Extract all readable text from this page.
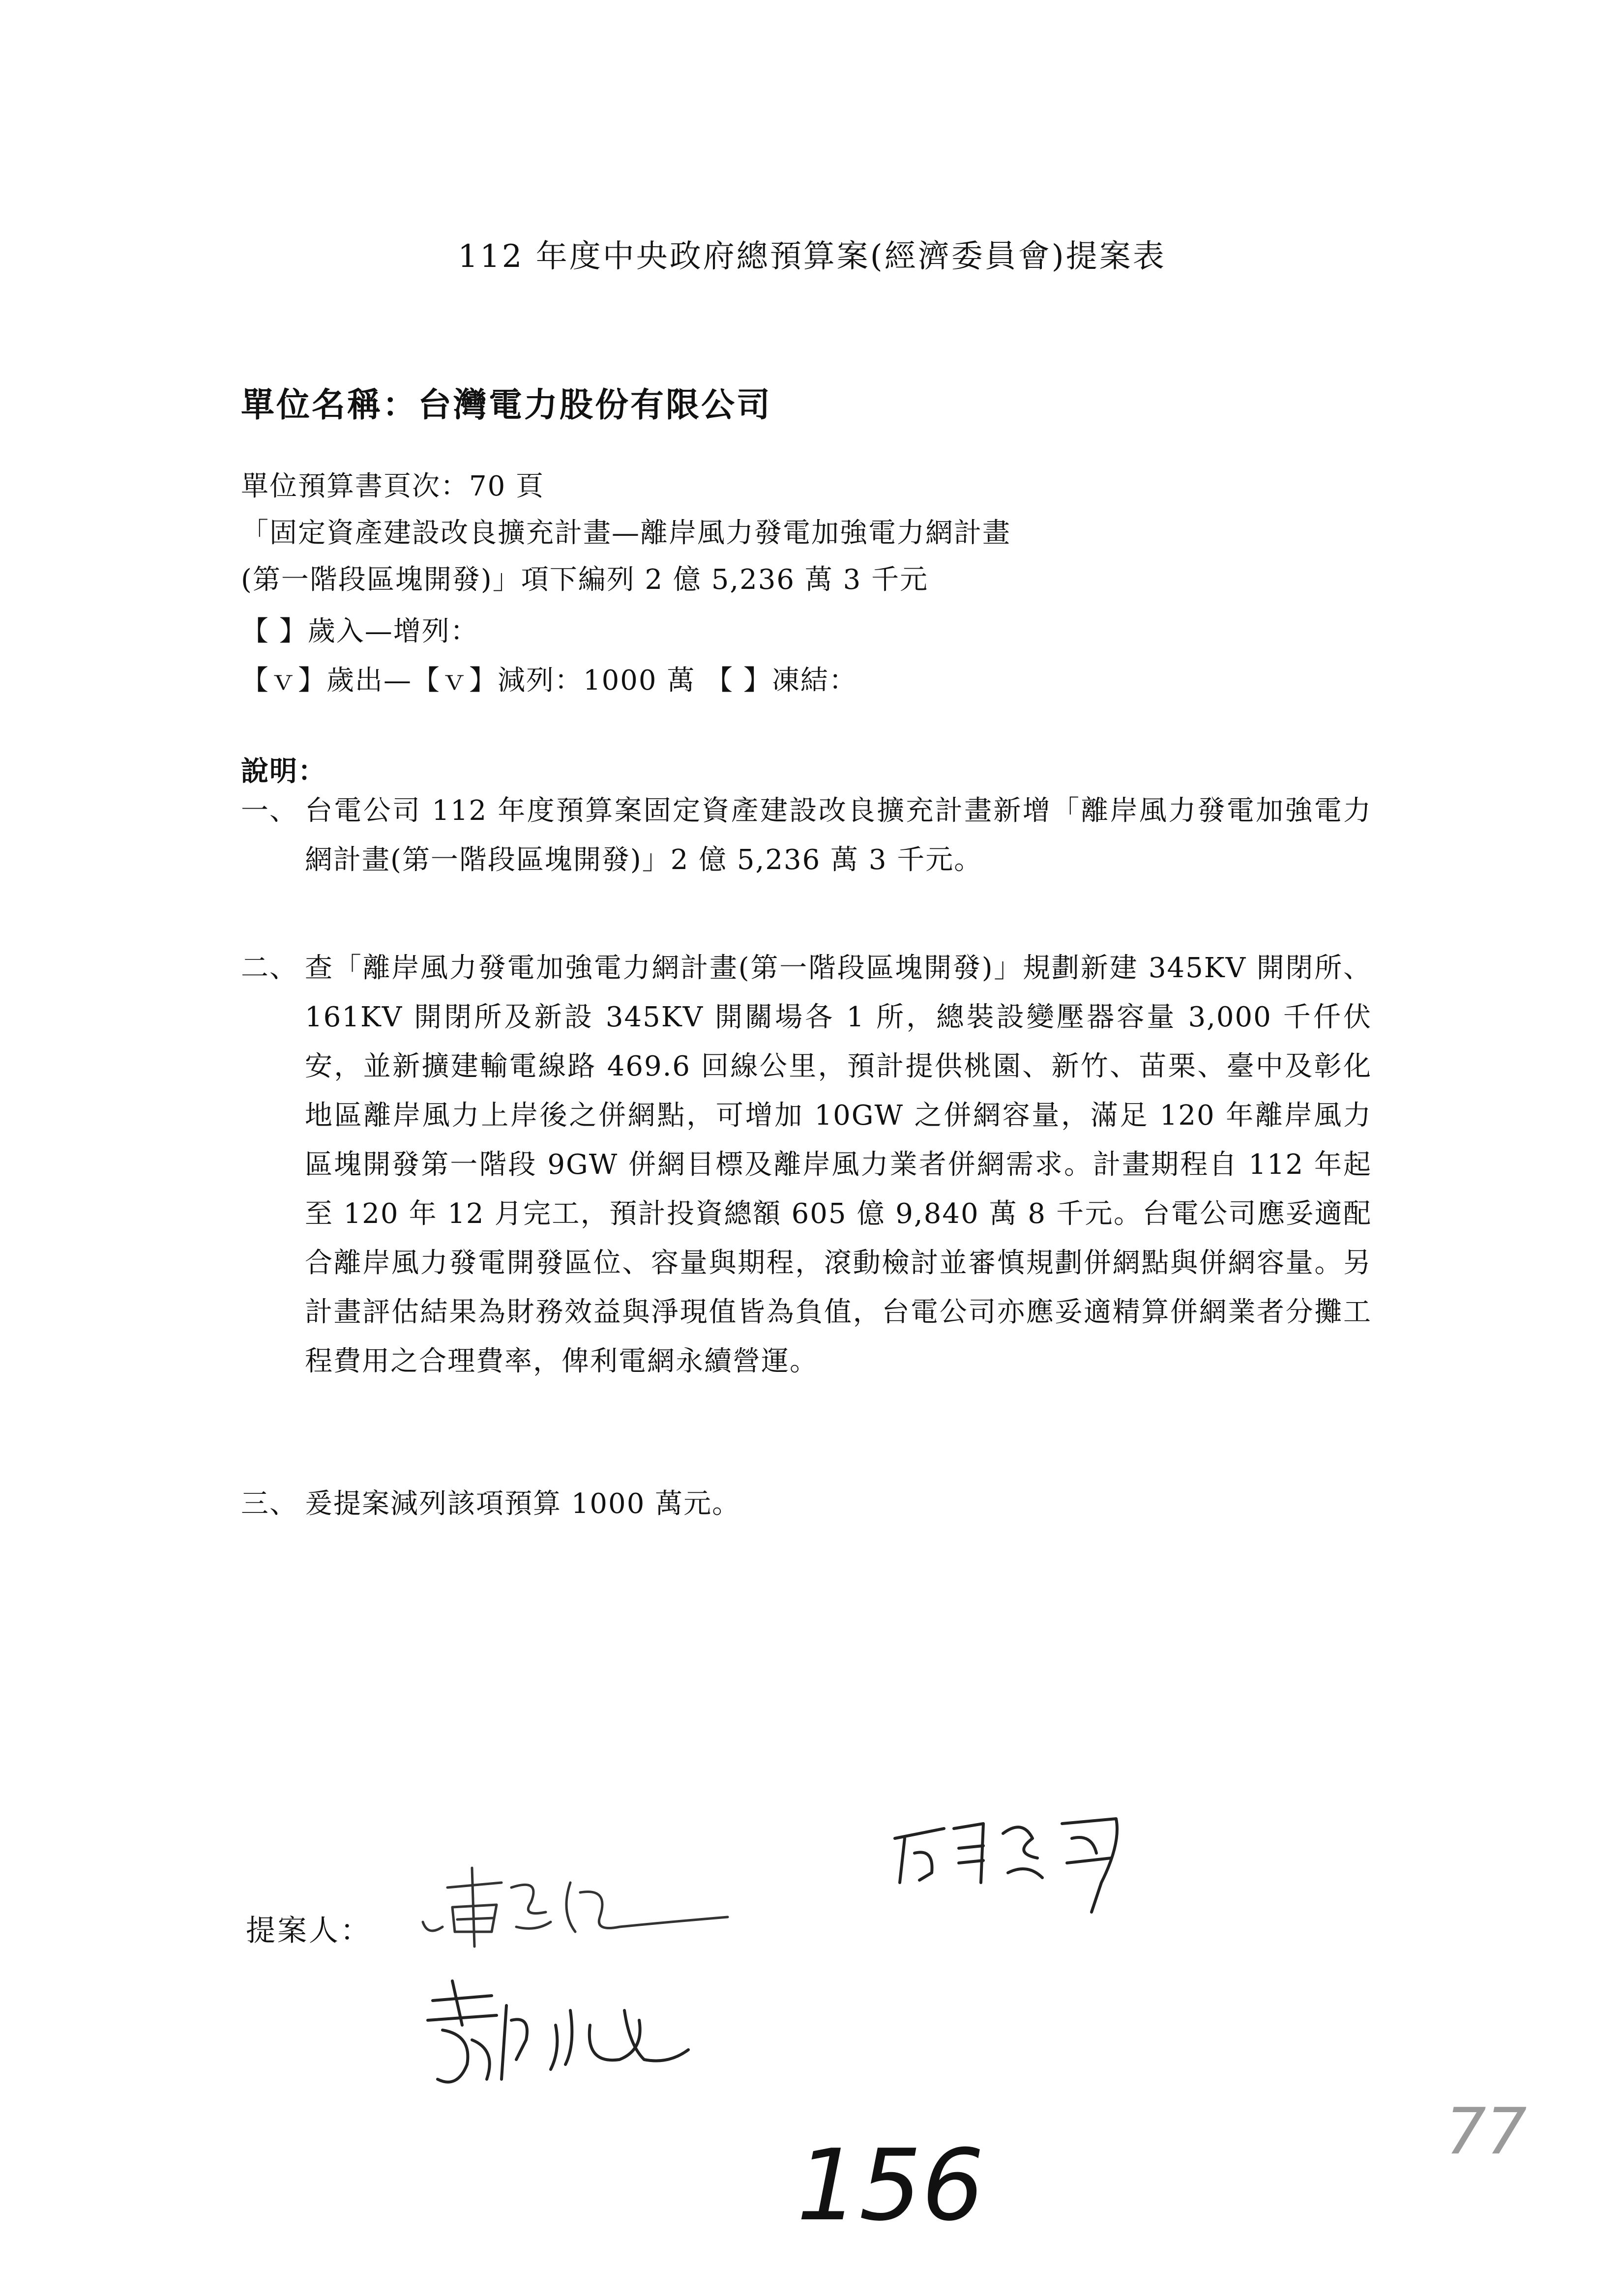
112 年度中央政府總預算案(經濟委員會)提案表
單位名稱：台灣電力股份有限公司
單位預算書頁次：70 頁
「固定資產建設改良擴充計畫—離岸風力發電加強電力網計畫
(第一階段區塊開發)」項下編列 2 億 5,236 萬 3 千元
【 】歲入—增列：
【ｖ】歲出—【ｖ】減列：1000 萬 【 】凍結：
說明：
一、 台電公司 112 年度預算案固定資產建設改良擴充計畫新增「離岸風力發電加強電力網計畫(第一階段區塊開發)」2 億 5,236 萬 3 千元。
二、 查「離岸風力發電加強電力網計畫(第一階段區塊開發)」規劃新建 345KV 開閉所、161KV 開閉所及新設 345KV 開關場各 1 所，總裝設變壓器容量 3,000 千仟伏安，並新擴建輸電線路 469.6 回線公里，預計提供桃園、新竹、苗栗、臺中及彰化地區離岸風力上岸後之併網點，可增加 10GW 之併網容量，滿足 120 年離岸風力區塊開發第一階段 9GW 併網目標及離岸風力業者併網需求。計畫期程自 112 年起至 120 年 12 月完工，預計投資總額 605 億 9,840 萬 8 千元。台電公司應妥適配合離岸風力發電開發區位、容量與期程，滾動檢討並審慎規劃併網點與併網容量。另計畫評估結果為財務效益與淨現值皆為負值，台電公司亦應妥適精算併網業者分攤工程費用之合理費率，俾利電網永續營運。
三、 爰提案減列該項預算 1000 萬元。
提案人：
156	77
